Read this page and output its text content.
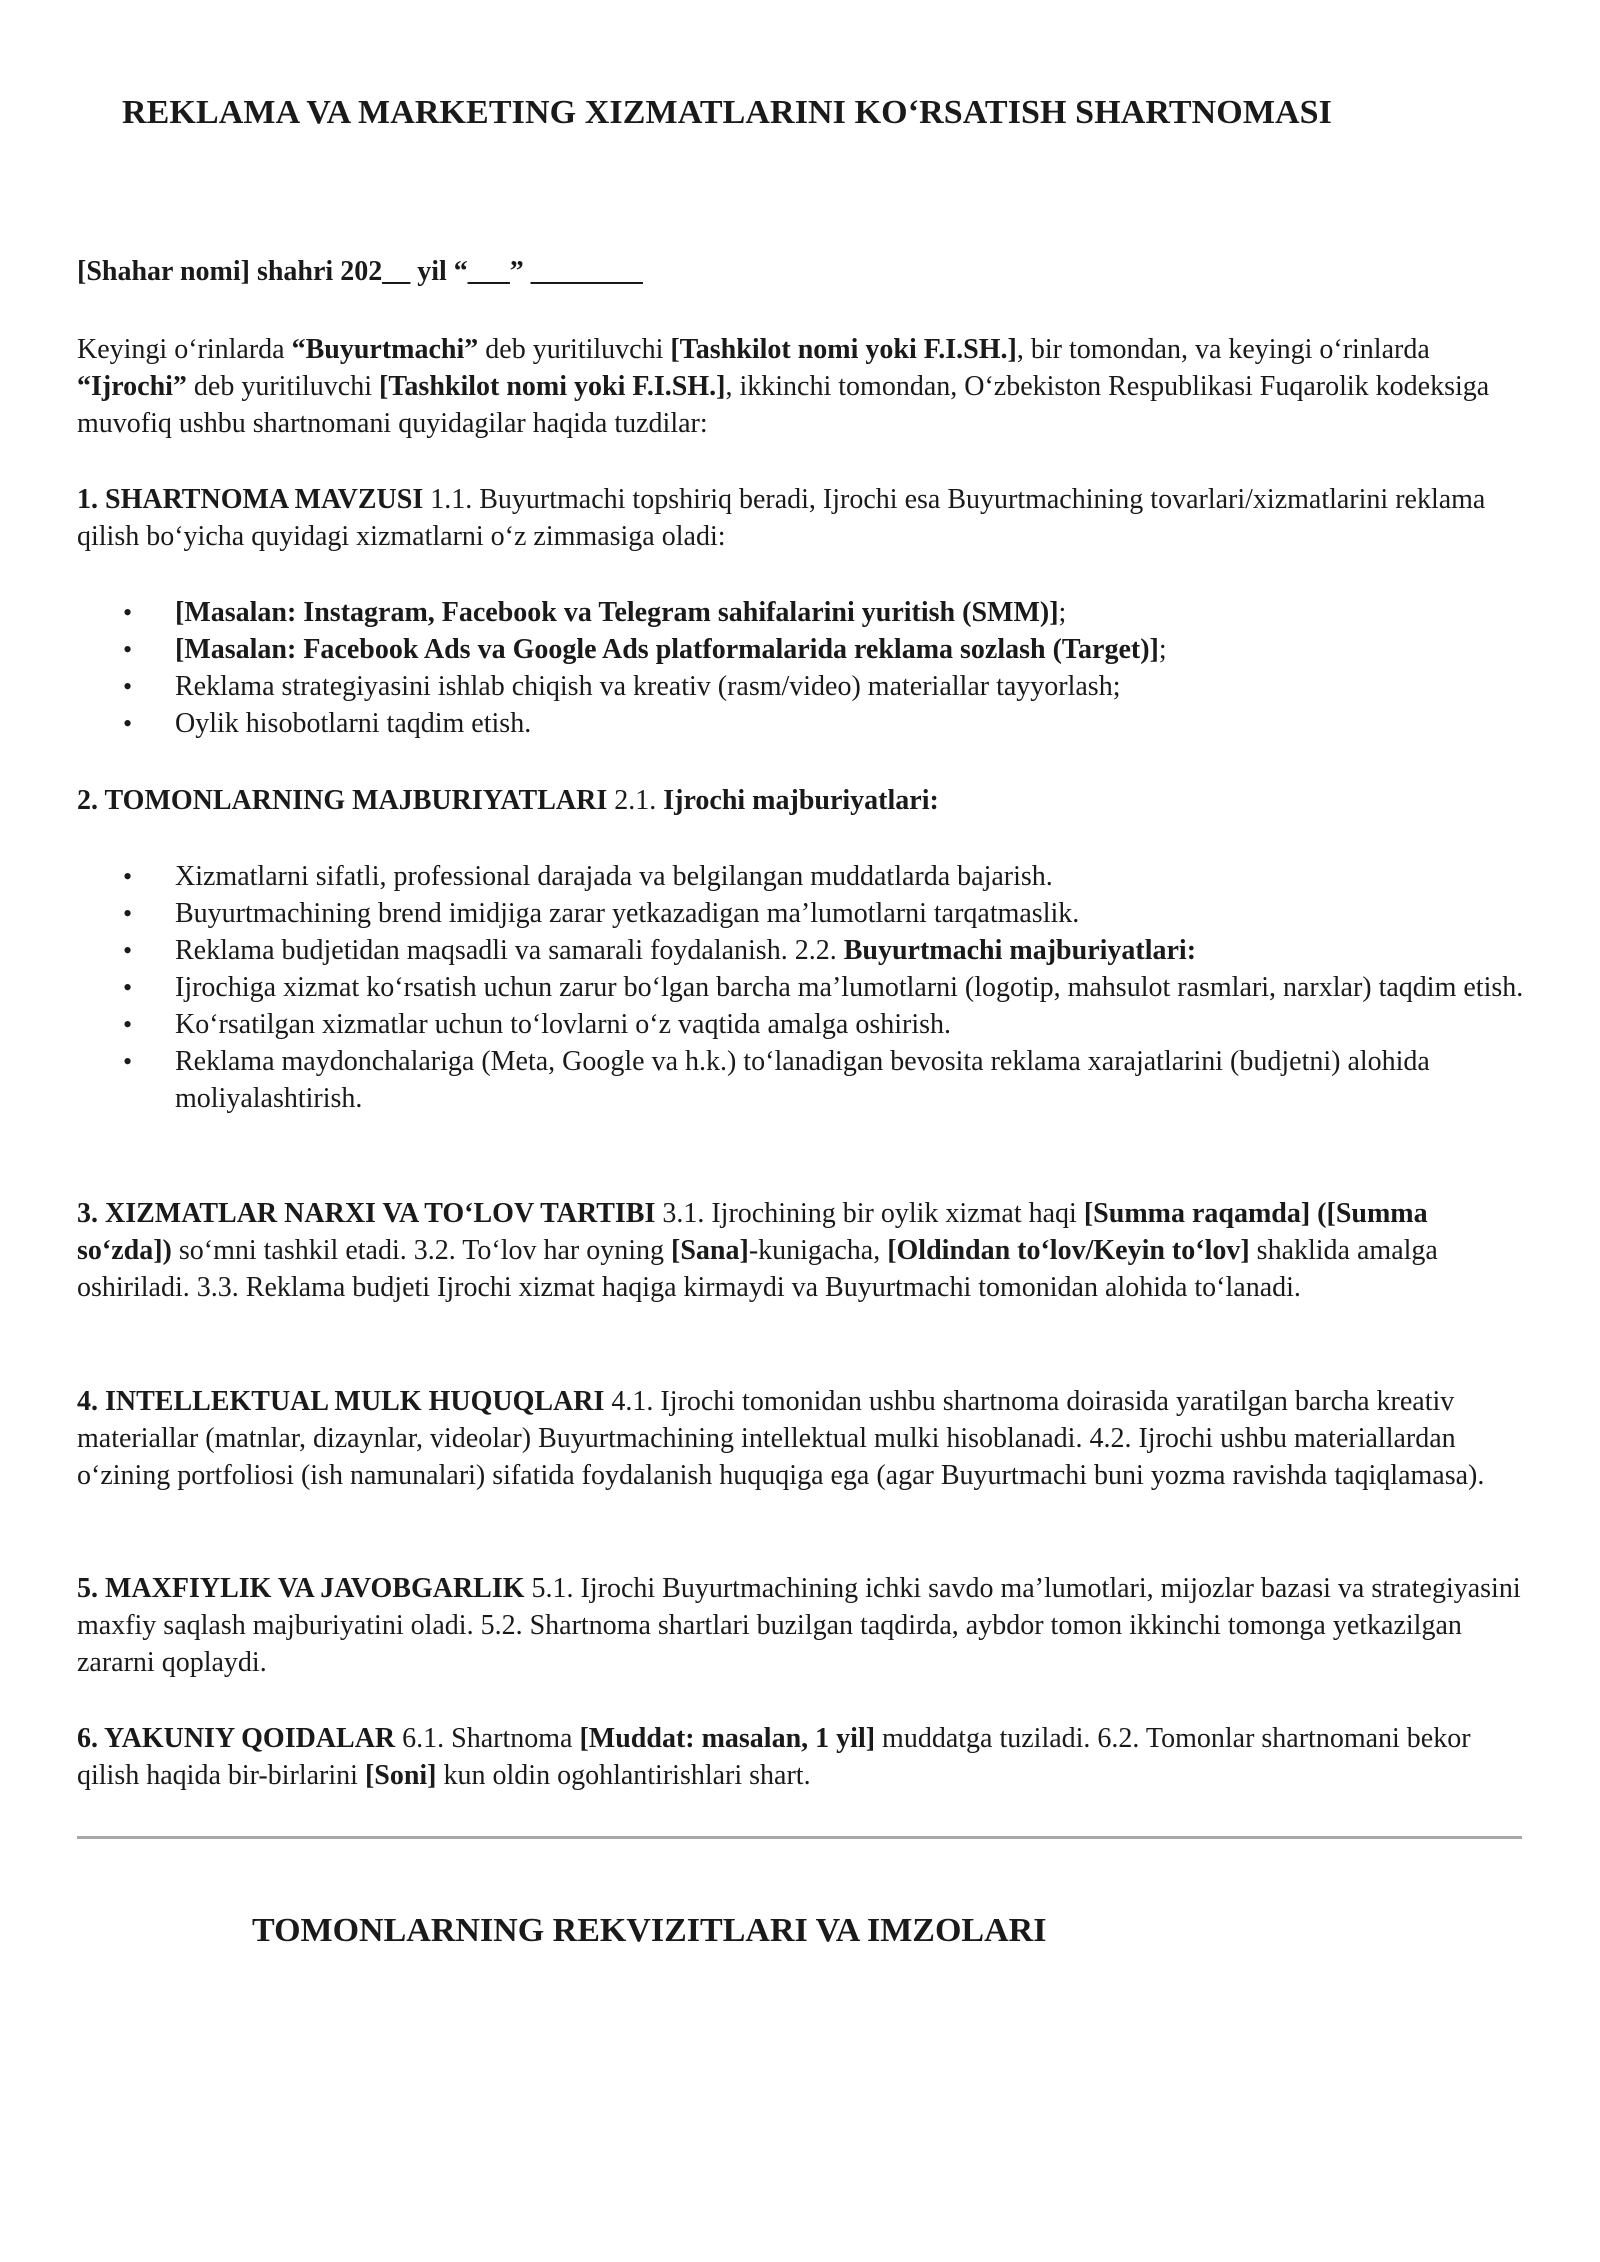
REKLAMA VA MARKETING XIZMATLARINI KO‘RSATISH SHARTNOMASI

[Shahar nomi] shahri 202__ yil “___” ________

Keyingi o‘rinlarda “Buyurtmachi” deb yuritiluvchi [Tashkilot nomi yoki F.I.SH.], bir tomondan, va keyingi o‘rinlarda “Ijrochi” deb yuritiluvchi [Tashkilot nomi yoki F.I.SH.], ikkinchi tomondan, O‘zbekiston Respublikasi Fuqarolik kodeksiga muvofiq ushbu shartnomani quyidagilar haqida tuzdilar:

1. SHARTNOMA MAVZUSI 1.1. Buyurtmachi topshiriq beradi, Ijrochi esa Buyurtmachining tovarlari/xizmatlarini reklama qilish bo‘yicha quyidagi xizmatlarni o‘z zimmasiga oladi:

• [Masalan: Instagram, Facebook va Telegram sahifalarini yuritish (SMM)];
• [Masalan: Facebook Ads va Google Ads platformalarida reklama sozlash (Target)];
• Reklama strategiyasini ishlab chiqish va kreativ (rasm/video) materiallar tayyorlash;
• Oylik hisobotlarni taqdim etish.

2. TOMONLARNING MAJBURIYATLARI 2.1. Ijrochi majburiyatlari:

• Xizmatlarni sifatli, professional darajada va belgilangan muddatlarda bajarish.
• Buyurtmachining brend imidjiga zarar yetkazadigan ma’lumotlarni tarqatmaslik.
• Reklama budjetidan maqsadli va samarali foydalanish. 2.2. Buyurtmachi majburiyatlari:
• Ijrochiga xizmat ko‘rsatish uchun zarur bo‘lgan barcha ma’lumotlarni (logotip, mahsulot rasmlari, narxlar) taqdim etish.
• Ko‘rsatilgan xizmatlar uchun to‘lovlarni o‘z vaqtida amalga oshirish.
• Reklama maydonchalariga (Meta, Google va h.k.) to‘lanadigan bevosita reklama xarajatlarini (budjetni) alohida moliyalashtirish.

3. XIZMATLAR NARXI VA TO‘LOV TARTIBI 3.1. Ijrochining bir oylik xizmat haqi [Summa raqamda] ([Summa so‘zda]) so‘mni tashkil etadi. 3.2. To‘lov har oyning [Sana]-kunigacha, [Oldindan to‘lov/Keyin to‘lov] shaklida amalga oshiriladi. 3.3. Reklama budjeti Ijrochi xizmat haqiga kirmaydi va Buyurtmachi tomonidan alohida to‘lanadi.

4. INTELLEKTUAL MULK HUQUQLARI 4.1. Ijrochi tomonidan ushbu shartnoma doirasida yaratilgan barcha kreativ materiallar (matnlar, dizaynlar, videolar) Buyurtmachining intellektual mulki hisoblanadi. 4.2. Ijrochi ushbu materiallardan o‘zining portfoliosi (ish namunalari) sifatida foydalanish huquqiga ega (agar Buyurtmachi buni yozma ravishda taqiqlamasa).

5. MAXFIYLIK VA JAVOBGARLIK 5.1. Ijrochi Buyurtmachining ichki savdo ma’lumotlari, mijozlar bazasi va strategiyasini maxfiy saqlash majburiyatini oladi. 5.2. Shartnoma shartlari buzilgan taqdirda, aybdor tomon ikkinchi tomonga yetkazilgan zararni qoplaydi.

6. YAKUNIY QOIDALAR 6.1. Shartnoma [Muddat: masalan, 1 yil] muddatga tuziladi. 6.2. Tomonlar shartnomani bekor qilish haqida bir-birlarini [Soni] kun oldin ogohlantirishlari shart.

TOMONLARNING REKVIZITLARI VA IMZOLARI
